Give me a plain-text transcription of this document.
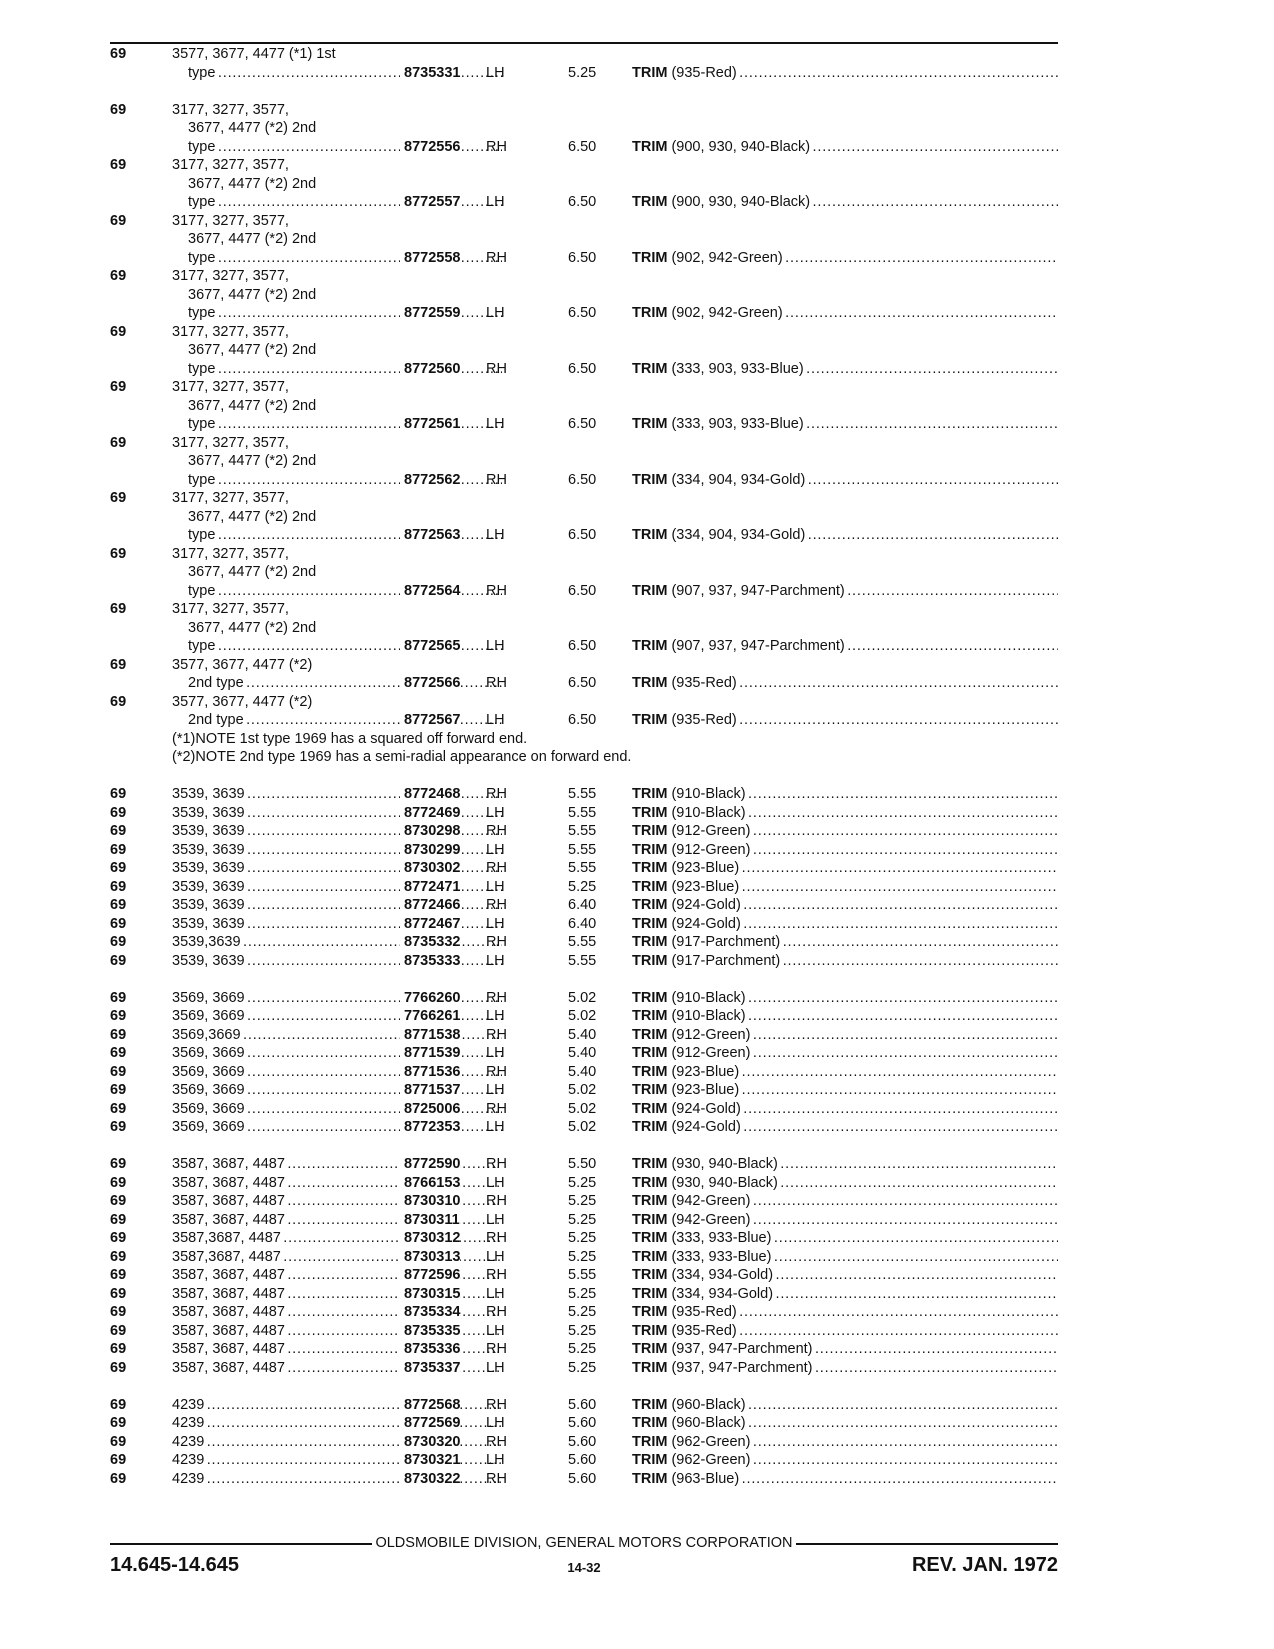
69	3577, 3677, 4477 (*1) 1st
type . . .	8735331 LH	5.25 TRIM (935-Red) . . .
69	3177, 3277, 3577,
3677, 4477 (*2) 2nd
type . . .	8772556 RH	6.50 TRIM (900, 930, 940-Black) . . .
69	3177, 3277, 3577,
3677, 4477 (*2) 2nd
type . . .	8772557 LH	6.50 TRIM (900, 930, 940-Black) . . .
69	3177, 3277, 3577,
3677, 4477 (*2) 2nd
type . . .	8772558 RH	6.50 TRIM (902, 942-Green) . . .
69	3177, 3277, 3577,
3677, 4477 (*2) 2nd
type . . .	8772559 LH	6.50 TRIM (902, 942-Green) . . .
69	3177, 3277, 3577,
3677, 4477 (*2) 2nd
type . . .	8772560 RH	6.50 TRIM (333, 903, 933-Blue) . . .
69	3177, 3277, 3577,
3677, 4477 (*2) 2nd
type . . .	8772561 LH	6.50 TRIM (333, 903, 933-Blue) . . .
69	3177, 3277, 3577,
3677, 4477 (*2) 2nd
type . . .	8772562 RH	6.50 TRIM (334, 904, 934-Gold) . . .
69	3177, 3277, 3577,
3677, 4477 (*2) 2nd
type . . .	8772563 LH	6.50 TRIM (334, 904, 934-Gold) . . .
69	3177, 3277, 3577,
3677, 4477 (*2) 2nd
type . . .	8772564 RH	6.50 TRIM (907, 937, 947-Parchment) . . .
69	3177, 3277, 3577,
3677, 4477 (*2) 2nd
type . . .	8772565 LH	6.50 TRIM (907, 937, 947-Parchment) . . .
69	3577, 3677, 4477 (*2)
2nd type . . .	8772566 RH	6.50 TRIM (935-Red) . . .
69	3577, 3677, 4477 (*2)
2nd type . . .	8772567 LH	6.50 TRIM (935-Red) . . .
(*1)NOTE 1st type 1969 has a squared off forward end.
(*2)NOTE 2nd type 1969 has a semi-radial appearance on forward end.
69	3539, 3639 . . .	8772468 RH	5.55 TRIM (910-Black) . . .
69	3539, 3639 . . .	8772469 LH	5.55 TRIM (910-Black) . . .
69	3539, 3639 . . .	8730298 RH	5.55 TRIM (912-Green) . . .
69	3539, 3639 . . .	8730299 LH	5.55 TRIM (912-Green) . . .
69	3539, 3639 . . .	8730302 RH	5.55 TRIM (923-Blue) . . .
69	3539, 3639 . . .	8772471 LH	5.25 TRIM (923-Blue) . . .
69	3539, 3639 . . .	8772466 RH	6.40 TRIM (924-Gold) . . .
69	3539, 3639 . . .	8772467 LH	6.40 TRIM (924-Gold) . . .
69	3539,3639 . . .	8735332 RH	5.55 TRIM (917-Parchment) . . .
69	3539, 3639 . . .	8735333 LH	5.55 TRIM (917-Parchment) . . .
69	3569, 3669 . . .	7766260 RH	5.02 TRIM (910-Black) . . .
69	3569, 3669 . . .	7766261 LH	5.02 TRIM (910-Black) . . .
69	3569,3669 . . .	8771538 RH	5.40 TRIM (912-Green) . . .
69	3569, 3669 . . .	8771539 LH	5.40 TRIM (912-Green) . . .
69	3569, 3669 . . .	8771536 RH	5.40 TRIM (923-Blue) . . .
69	3569, 3669 . . .	8771537 LH	5.02 TRIM (923-Blue) . . .
69	3569, 3669 . . .	8725006 RH	5.02 TRIM (924-Gold) . . .
69	3569, 3669 . . .	8772353 LH	5.02 TRIM (924-Gold) . . .
69	3587, 3687, 4487 . . .	8772590 RH	5.50 TRIM (930, 940-Black) . . .
69	3587, 3687, 4487 . . .	8766153 LH	5.25 TRIM (930, 940-Black) . . .
69	3587, 3687, 4487 . . .	8730310 RH	5.25 TRIM (942-Green) . . .
69	3587, 3687, 4487 . . .	8730311 LH	5.25 TRIM (942-Green) . . .
69	3587,3687, 4487 . . .	8730312 RH	5.25 TRIM (333, 933-Blue) . . .
69	3587,3687, 4487 . . .	8730313 LH	5.25 TRIM (333, 933-Blue) . . .
69	3587, 3687, 4487 . . .	8772596 RH	5.55 TRIM (334, 934-Gold) . . .
69	3587, 3687, 4487 . . .	8730315 LH	5.25 TRIM (334, 934-Gold) . . .
69	3587, 3687, 4487 . . .	8735334 RH	5.25 TRIM (935-Red) . . .
69	3587, 3687, 4487 . . .	8735335 LH	5.25 TRIM (935-Red) . . .
69	3587, 3687, 4487 . . .	8735336 RH	5.25 TRIM (937, 947-Parchment) . . .
69	3587, 3687, 4487 . . .	8735337 LH	5.25 TRIM (937, 947-Parchment) . . .
69	4239 . . .	8772568 RH	5.60 TRIM (960-Black) . . .
69	4239 . . .	8772569 LH	5.60 TRIM (960-Black) . . .
69	4239 . . .	8730320 RH	5.60 TRIM (962-Green) . . .
69	4239 . . .	8730321 LH	5.60 TRIM (962-Green) . . .
69	4239 . . .	8730322 RH	5.60 TRIM (963-Blue) . . .
OLDSMOBILE DIVISION, GENERAL MOTORS CORPORATION
14.645-14.645	14-32	REV. JAN. 1972
